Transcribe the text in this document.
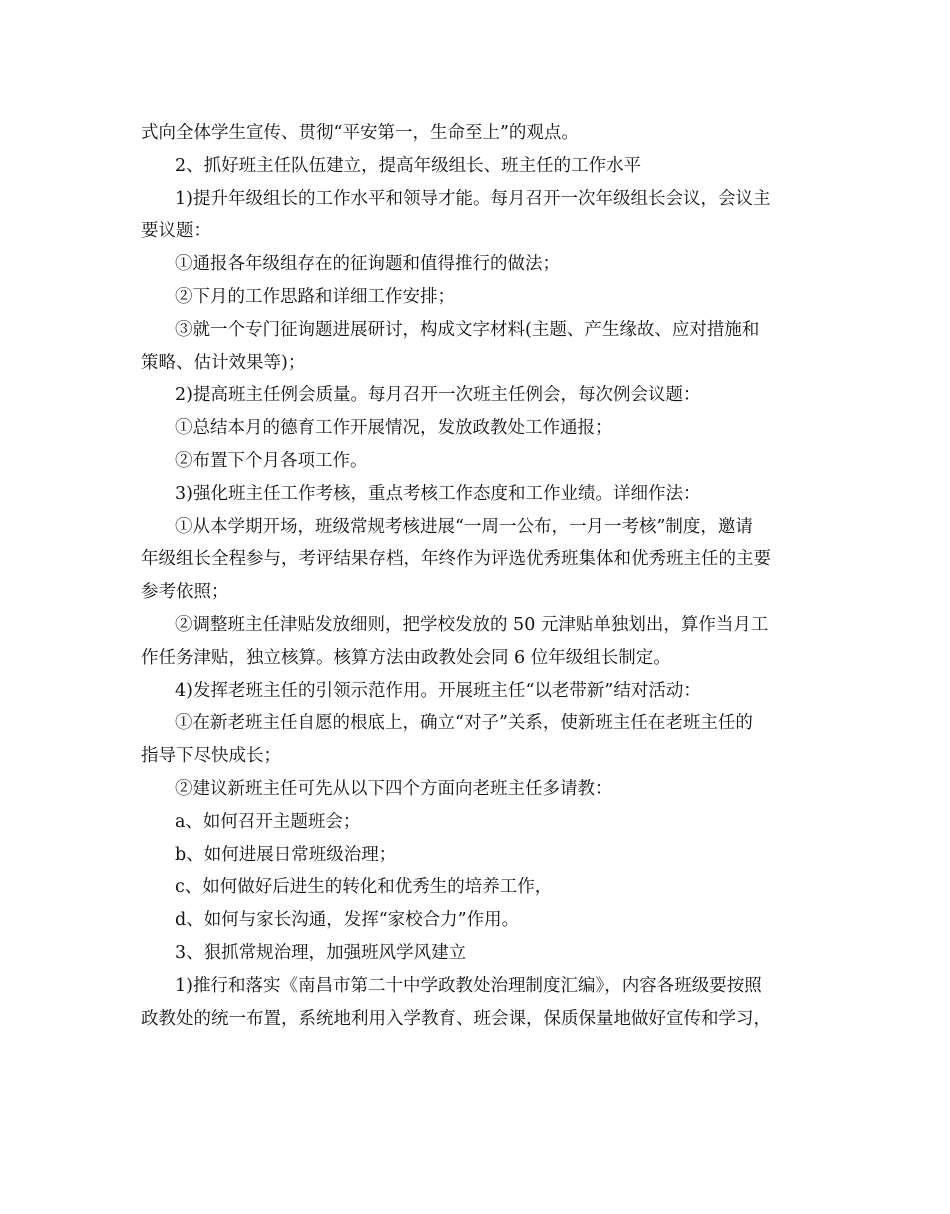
式向全体学生宣传、贯彻“平安第一，生命至上”的观点。
2、抓好班主任队伍建立，提高年级组长、班主任的工作水平
1)提升年级组长的工作水平和领导才能。每月召开一次年级组长会议，会议主
要议题：
①通报各年级组存在的征询题和值得推行的做法；
②下月的工作思路和详细工作安排；
③就一个专门征询题进展研讨，构成文字材料(主题、产生缘故、应对措施和
策略、估计效果等)；
2)提高班主任例会质量。每月召开一次班主任例会，每次例会议题：
①总结本月的德育工作开展情况，发放政教处工作通报；
②布置下个月各项工作。
3)强化班主任工作考核，重点考核工作态度和工作业绩。详细作法：
①从本学期开场，班级常规考核进展“一周一公布，一月一考核”制度，邀请
年级组长全程参与，考评结果存档，年终作为评选优秀班集体和优秀班主任的主要
参考依照；
②调整班主任津贴发放细则，把学校发放的 50 元津贴单独划出，算作当月工
作任务津贴，独立核算。核算方法由政教处会同 6 位年级组长制定。
4)发挥老班主任的引领示范作用。开展班主任“以老带新”结对活动：
①在新老班主任自愿的根底上，确立“对子”关系，使新班主任在老班主任的
指导下尽快成长；
②建议新班主任可先从以下四个方面向老班主任多请教：
a、如何召开主题班会；
b、如何进展日常班级治理；
c、如何做好后进生的转化和优秀生的培养工作，
d、如何与家长沟通，发挥“家校合力”作用。
3、狠抓常规治理，加强班风学风建立
1)推行和落实《南昌市第二十中学政教处治理制度汇编》，内容各班级要按照
政教处的统一布置，系统地利用入学教育、班会课，保质保量地做好宣传和学习，
